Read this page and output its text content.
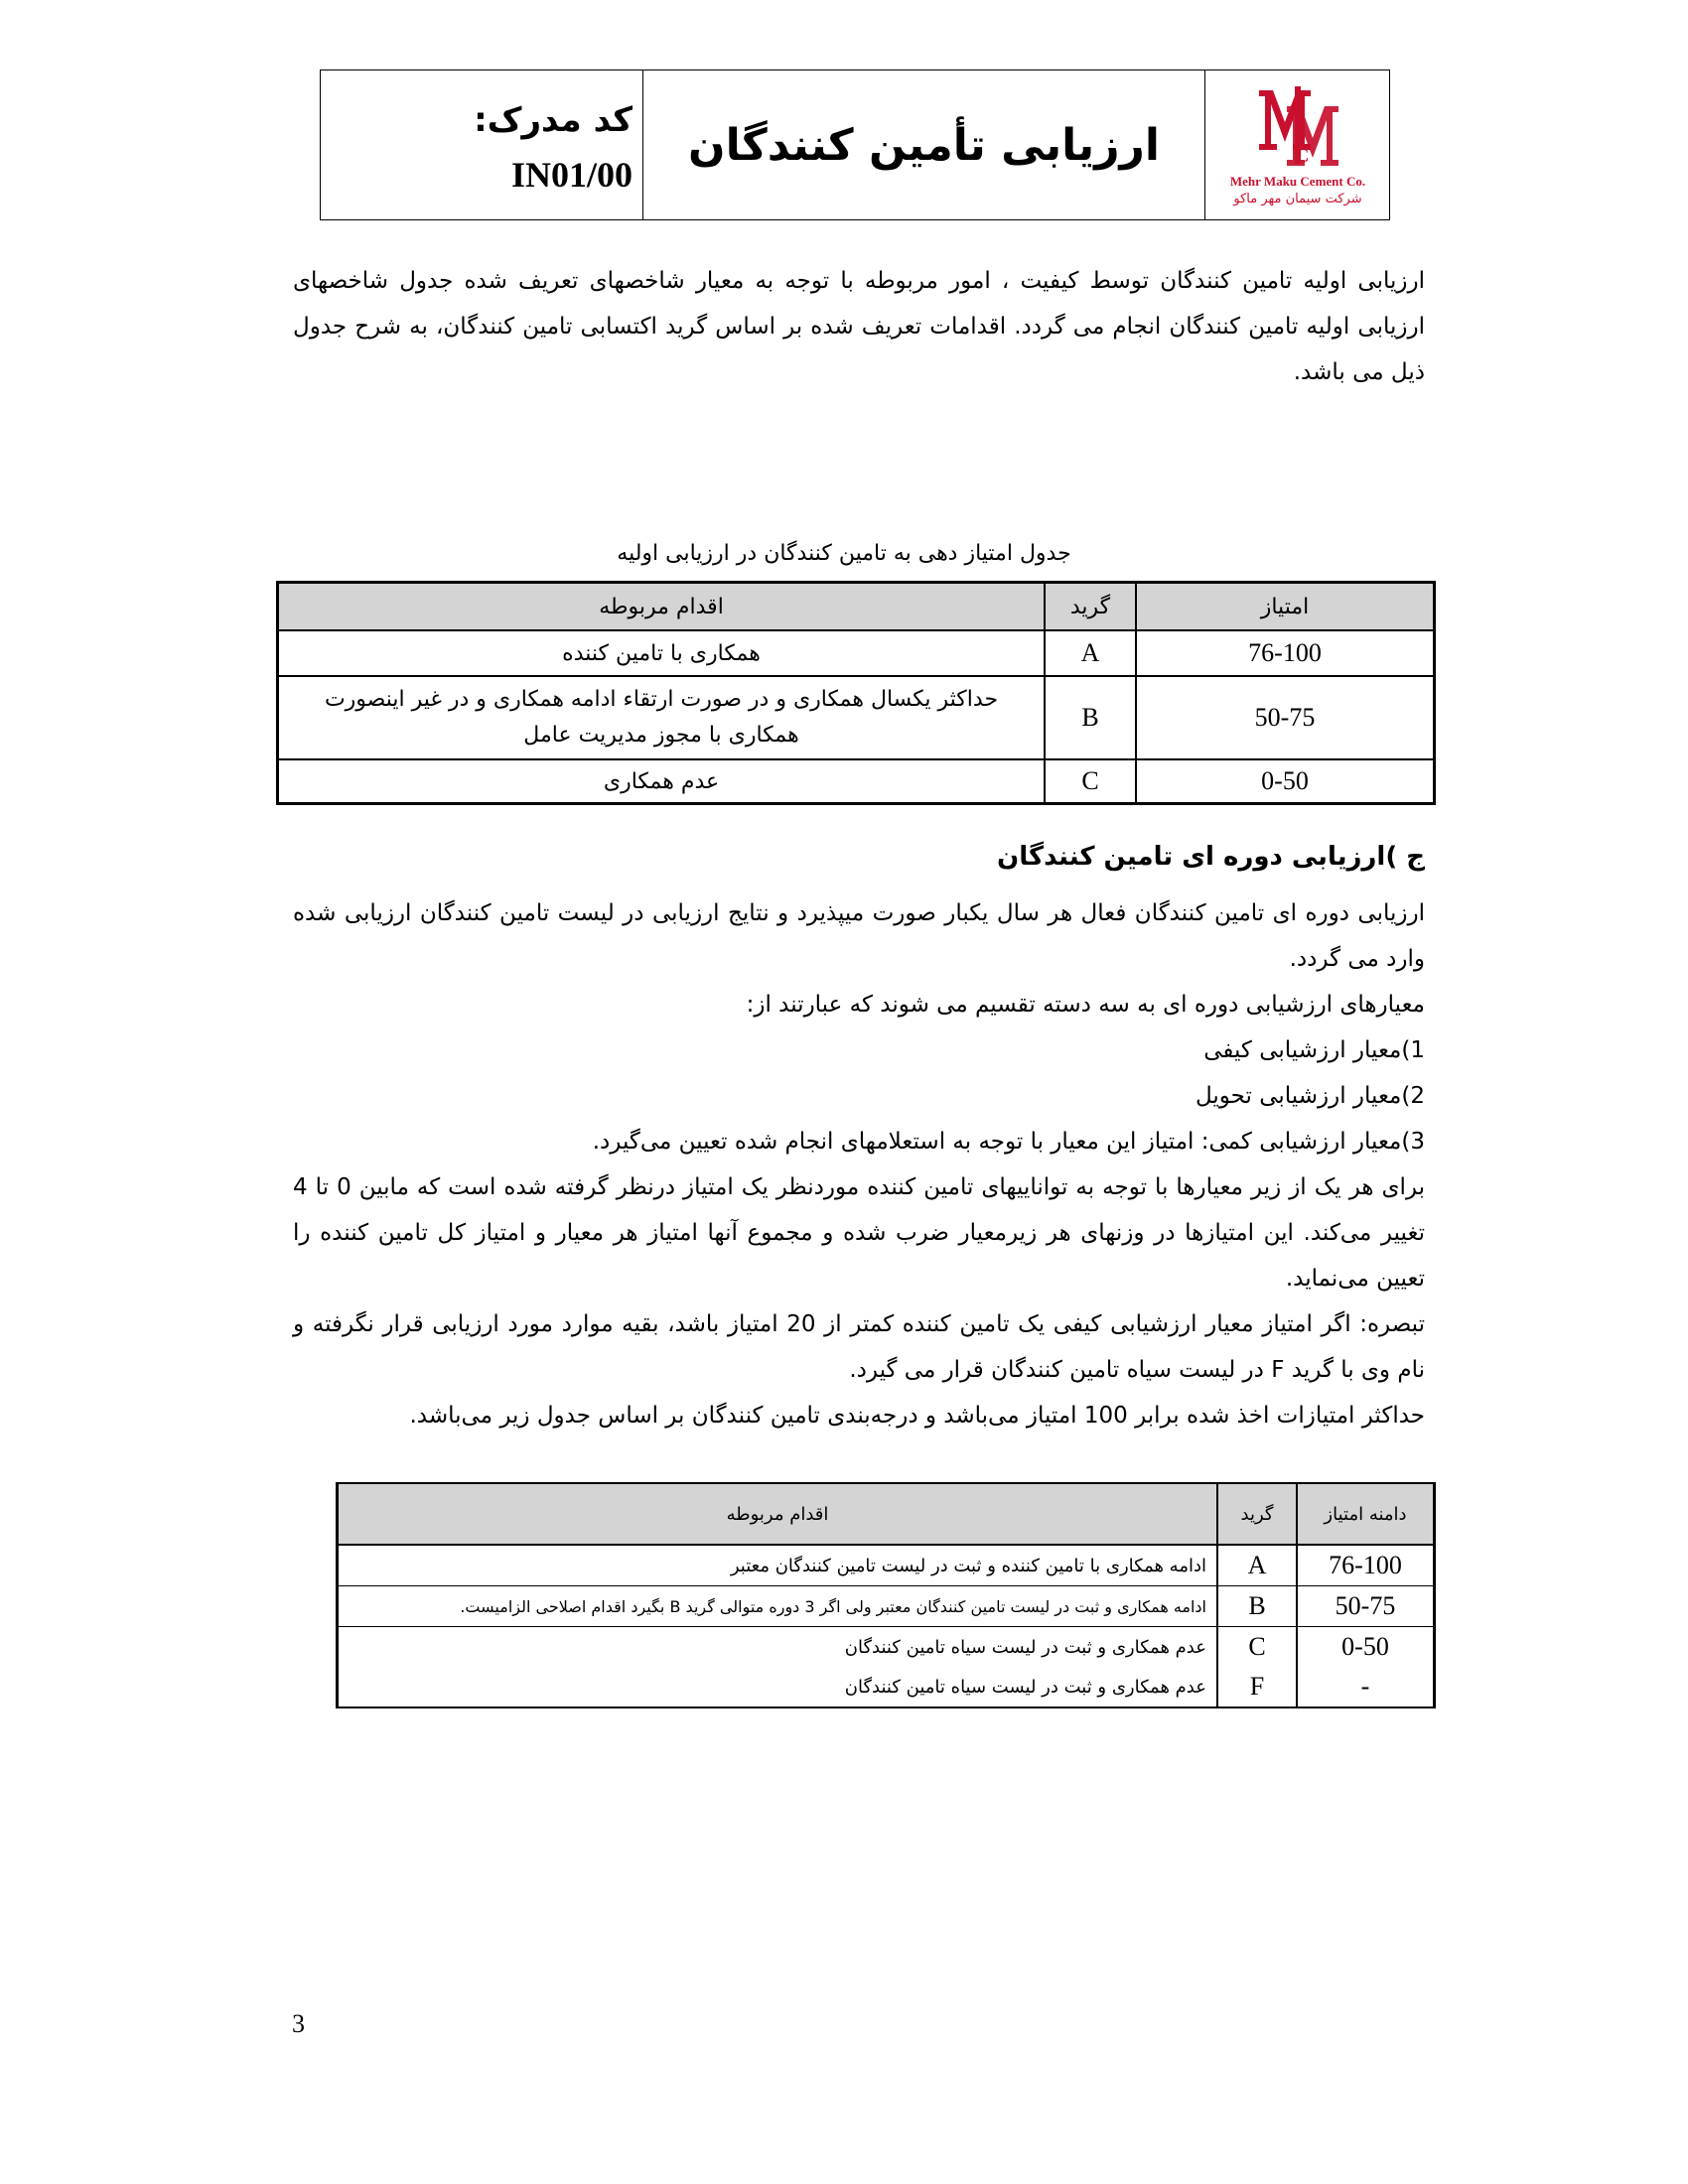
C
Mehr Maku Cement Co.
شرکت سیمان مهر ماکو
ارزیابی تأمین کنندگان
کد مدرک:
IN01/00
ارزیابی اولیه تامین کنندگان توسط کیفیت ، امور مربوطه با توجه به معیار شاخصهای تعریف شده جدول شاخصهای ارزیابی اولیه تامین کنندگان انجام می گردد. اقدامات تعریف شده بر اساس گرید اکتسابی تامین کنندگان، به شرح جدول ذیل می باشد.
جدول امتیاز دهی به تامین کنندگان در ارزیابی اولیه
امتیاز	گرید	اقدام مربوطه
76-100	A	همکاری با تامین کننده
50-75	B	حداکثر یکسال همکاری و در صورت ارتقاء ادامه همکاری و در غیر اینصورت همکاری با مجوز مدیریت عامل
0-50	C	عدم همکاری
ج )ارزیابی دوره ای تامین کنندگان
ارزیابی دوره ای تامین کنندگان فعال هر سال یکبار صورت میپذیرد و نتایج ارزیابی در لیست تامین کنندگان ارزیابی شده وارد می گردد.
معیارهای ارزشیابی دوره ای به سه دسته تقسیم می شوند که عبارتند از:
1)معیار ارزشیابی کیفی
2)معیار ارزشیابی تحویل
3)معیار ارزشیابی کمی: امتیاز این معیار با توجه به استعلامهای انجام شده تعیین می‌گیرد.
برای هر یک از زیر معیارها با توجه به تواناییهای تامین کننده موردنظر یک امتیاز درنظر گرفته شده است که مابین 0 تا 4 تغییر می‌کند. این امتیازها در وزنهای هر زیرمعیار ضرب شده و مجموع آنها امتیاز هر معیار و امتیاز کل تامین کننده را تعیین می‌نماید.
تبصره: اگر امتیاز معیار ارزشیابی کیفی یک تامین کننده کمتر از 20 امتیاز باشد، بقیه موارد مورد ارزیابی قرار نگرفته و نام وی با گرید F در لیست سیاه تامین کنندگان قرار می گیرد.
حداکثر امتیازات اخذ شده برابر 100 امتیاز می‌باشد و درجه‌بندی تامین کنندگان بر اساس جدول زیر می‌باشد.
دامنه امتیاز	گرید	اقدام مربوطه
76-100	A	ادامه همکاری با تامین کننده و ثبت در لیست تامین کنندگان معتبر
50-75	B	ادامه همکاری و ثبت در لیست تامین کنندگان معتبر ولی اگر 3 دوره متوالی گرید B بگیرد اقدام اصلاحی الزامیست.
0-50	C	عدم همکاری و ثبت در لیست سیاه تامین کنندگان
-	F	عدم همکاری و ثبت در لیست سیاه تامین کنندگان
3
